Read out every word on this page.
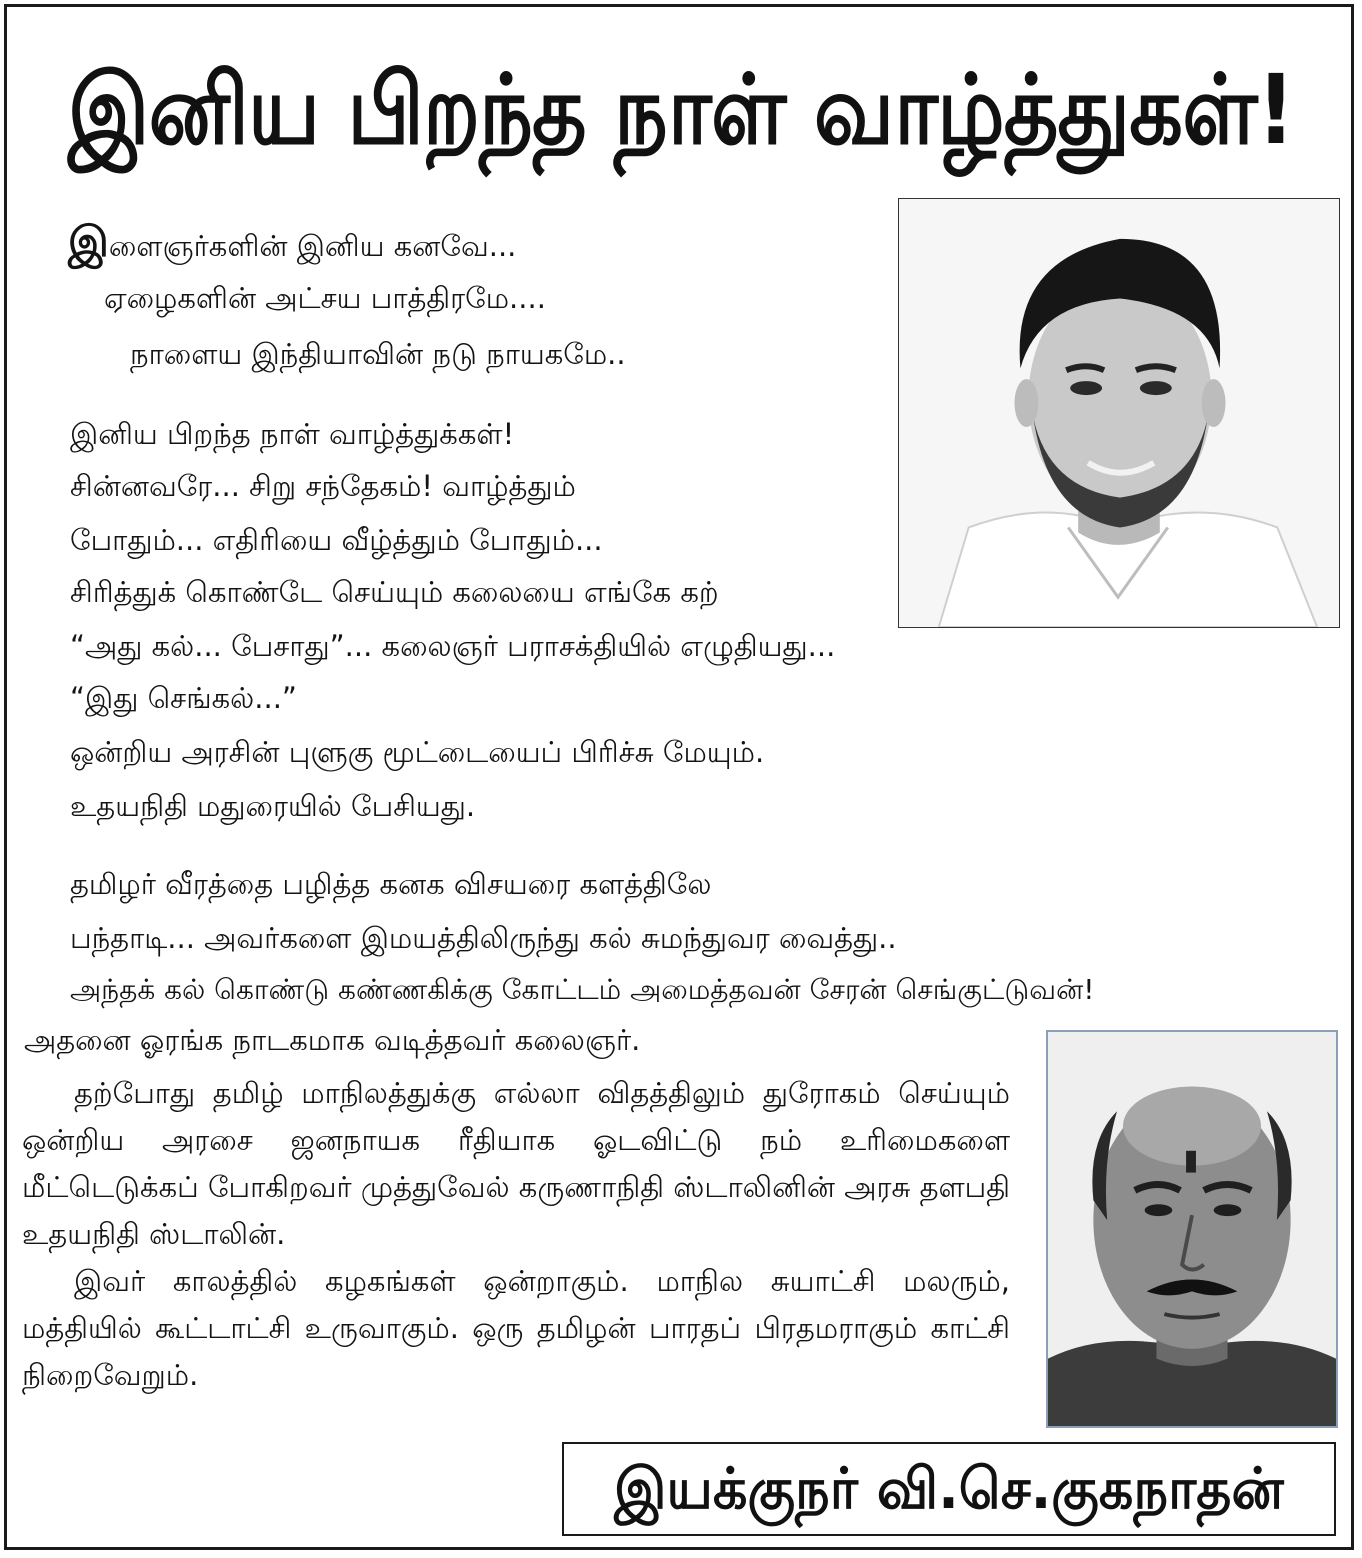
இனிய பிறந்த நாள் வாழ்த்துகள்!
இளைஞர்களின் இனிய கனவே...
ஏழைகளின் அட்சய பாத்திரமே....
நாளைய இந்தியாவின் நடு நாயகமே..
இனிய பிறந்த நாள் வாழ்த்துக்கள்!
சின்னவரே... சிறு சந்தேகம்! வாழ்த்தும்
போதும்... எதிரியை வீழ்த்தும் போதும்...
சிரித்துக் கொண்டே செய்யும் கலையை எங்கே கற்
“அது கல்... பேசாது”... கலைஞர் பராசக்தியில் எழுதியது...
“இது செங்கல்...”
ஒன்றிய அரசின் புளுகு மூட்டையைப் பிரிச்சு மேயும்.
உதயநிதி மதுரையில் பேசியது.
தமிழர் வீரத்தை பழித்த கனக விசயரை களத்திலே
பந்தாடி... அவர்களை இமயத்திலிருந்து கல் சுமந்துவர வைத்து..
அந்தக் கல் கொண்டு கண்ணகிக்கு கோட்டம் அமைத்தவன் சேரன் செங்குட்டுவன்!
அதனை ஓரங்க நாடகமாக வடித்தவர் கலைஞர்.

தற்போது தமிழ் மாநிலத்துக்கு எல்லா விதத்திலும் துரோகம் செய்யும் ஒன்றிய அரசை ஜனநாயக ரீதியாக ஓடவிட்டு நம் உரிமைகளை மீட்டெடுக்கப் போகிறவர் முத்துவேல் கருணாநிதி ஸ்டாலினின் அரசு தளபதி உதயநிதி ஸ்டாலின்.

இவர் காலத்தில் கழகங்கள் ஒன்றாகும். மாநில சுயாட்சி மலரும், மத்தியில் கூட்டாட்சி உருவாகும். ஒரு தமிழன் பாரதப் பிரதமராகும் காட்சி நிறைவேறும்.

இயக்குநர் வி.செ.குகநாதன்
